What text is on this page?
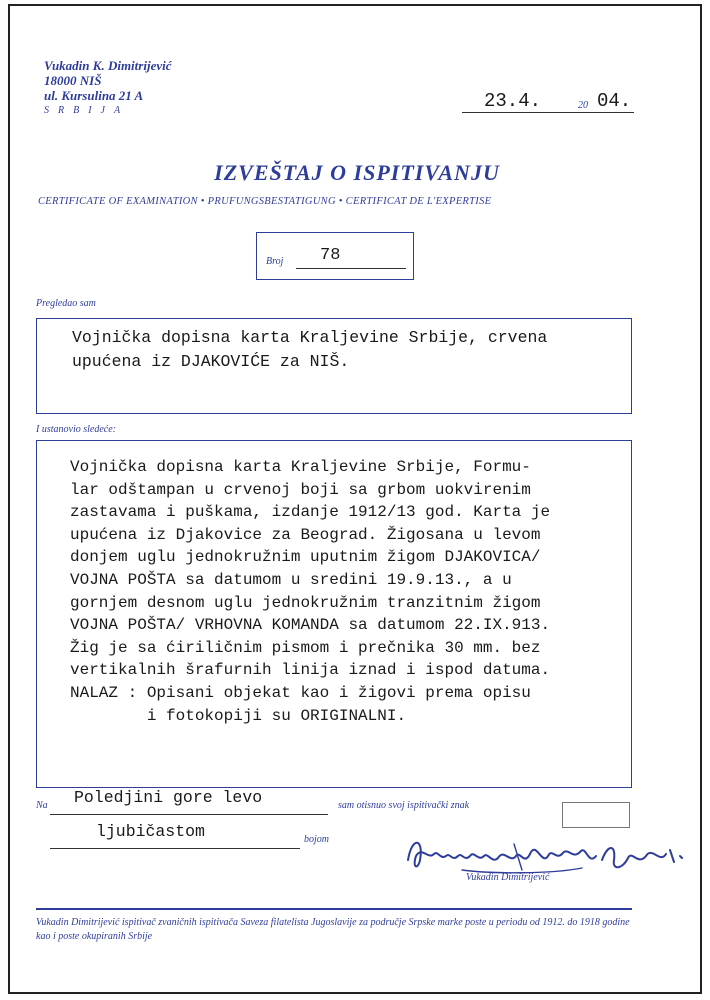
Vukadin K. Dimitrijević
18000 NIŠ
ul. Kursulina 21 A
SRBIJA	23.4.	20 04.
IZVEŠTAJ O ISPITIVANJU
CERTIFICATE OF EXAMINATION • PRUFUNGSBESTATIGUNG • CERTIFICAT DE L'EXPERTISE
Broj 78
Pregledao sam
Vojnička dopisna karta Kraljevine Srbije, crvena
upućena iz DJAKOVIĆE za NIŠ.
I ustanovio sledeće:
Vojnička dopisna karta Kraljevine Srbije, Formu-
lar odštampan u crvenoj boji sa grbom uokvirenim
zastavama i puškama, izdanje 1912/13 god. Karta je
upućena iz Djakovice za Beograd. Žigosana u levom
donjem uglu jednokružnim uputnim žigom DJAKOVICA/
VOJNA POŠTA sa datumom u sredini 19.9.13., a u
gornjem desnom uglu jednokružnim tranzitnim žigom
VOJNA POŠTA/ VRHOVNA KOMANDA sa datumom 22.IX.913.
Žig je sa ćiriličnim pismom i prečnika 30 mm. bez
vertikalnih šrafurnih linija iznad i ispod datuma.
NALAZ : Opisani objekat kao i žigovi prema opisu
i fotokopiji su ORIGINALNI.
Na Poledjini gore levo	sam otisnuo svoj ispitivački znak
ljubičastom	bojom
Vukadin Dimitrijević
Vukadin Dimitrijević ispitivač zvaničnih ispitivača Saveza filatelista Jugoslavije za područje Srpske marke poste u periodu od 1912. do 1918 godine kao i poste okupiranih Srbije
